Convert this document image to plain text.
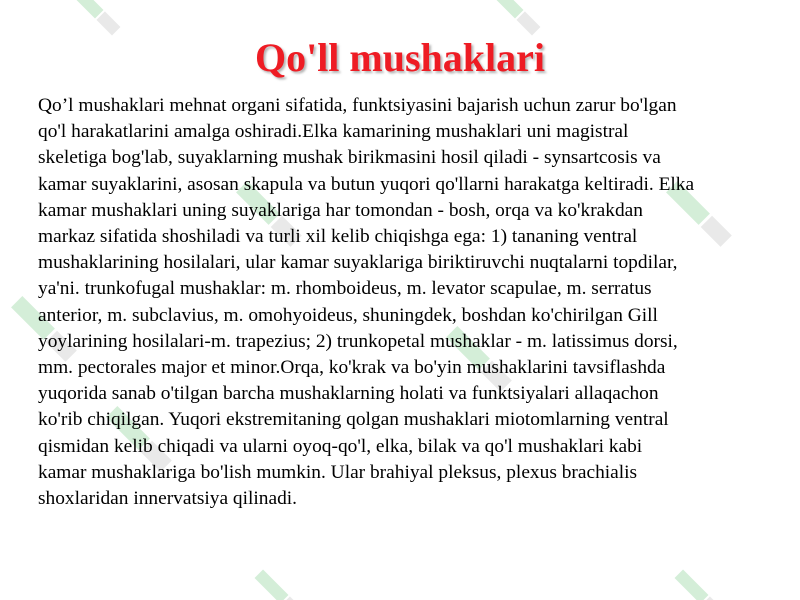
Qo'll mushaklari

Qo’l mushaklari mehnat organi sifatida, funktsiyasini bajarish uchun zarur bo'lgan
qo'l harakatlarini amalga oshiradi.Elka kamarining mushaklari uni magistral
skeletiga bog'lab, suyaklarning mushak birikmasini hosil qiladi - synsartcosis va
kamar suyaklarini, asosan skapula va butun yuqori qo'llarni harakatga keltiradi. Elka
kamar mushaklari uning suyaklariga har tomondan - bosh, orqa va ko'krakdan
markaz sifatida shoshiladi va turli xil kelib chiqishga ega: 1) tananing ventral
mushaklarining hosilalari, ular kamar suyaklariga biriktiruvchi nuqtalarni topdilar,
ya'ni. trunkofugal mushaklar: m. rhomboideus, m. levator scapulae, m. serratus
anterior, m. subclavius, m. omohyoideus, shuningdek, boshdan ko'chirilgan Gill
yoylarining hosilalari-m. trapezius; 2) trunkopetal mushaklar - m. latissimus dorsi,
mm. pectorales major et minor.Orqa, ko'krak va bo'yin mushaklarini tavsiflashda
yuqorida sanab o'tilgan barcha mushaklarning holati va funktsiyalari allaqachon
ko'rib chiqilgan. Yuqori ekstremitaning qolgan mushaklari miotomlarning ventral
qismidan kelib chiqadi va ularni oyoq-qo'l, elka, bilak va qo'l mushaklari kabi
kamar mushaklariga bo'lish mumkin. Ular brahiyal pleksus, plexus brachialis
shoxlaridan innervatsiya qilinadi.
